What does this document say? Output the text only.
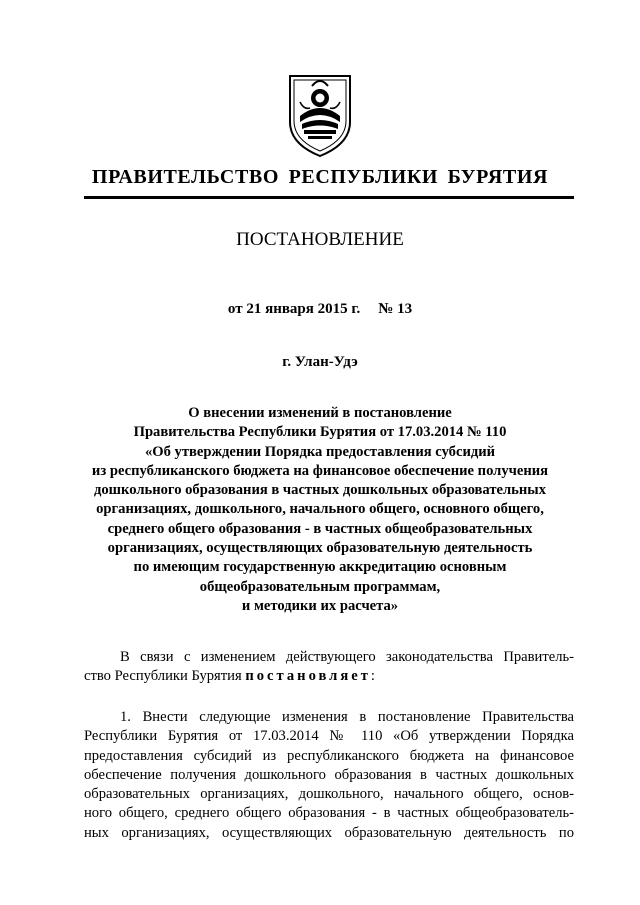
ПРАВИТЕЛЬСТВО РЕСПУБЛИКИ БУРЯТИЯ
ПОСТАНОВЛЕНИЕ
от 21 января 2015 г. № 13
г. Улан-Удэ
О внесении изменений в постановление
Правительства Республики Бурятия от 17.03.2014 № 110
«Об утверждении Порядка предоставления субсидий
из республиканского бюджета на финансовое обеспечение получения
дошкольного образования в частных дошкольных образовательных
организациях, дошкольного, начального общего, основного общего,
среднего общего образования - в частных общеобразовательных
организациях, осуществляющих образовательную деятельность
по имеющим государственную аккредитацию основным
общеобразовательным программам,
и методики их расчета»
В связи с изменением действующего законодательства Правитель-
ство Республики Бурятия постановляет:
1. Внести следующие изменения в постановление Правительства
Республики Бурятия от 17.03.2014 № 110 «Об утверждении Порядка
предоставления субсидий из республиканского бюджета на финансовое
обеспечение получения дошкольного образования в частных дошкольных
образовательных организациях, дошкольного, начального общего, основ-
ного общего, среднего общего образования - в частных общеобразователь-
ных организациях, осуществляющих образовательную деятельность по
